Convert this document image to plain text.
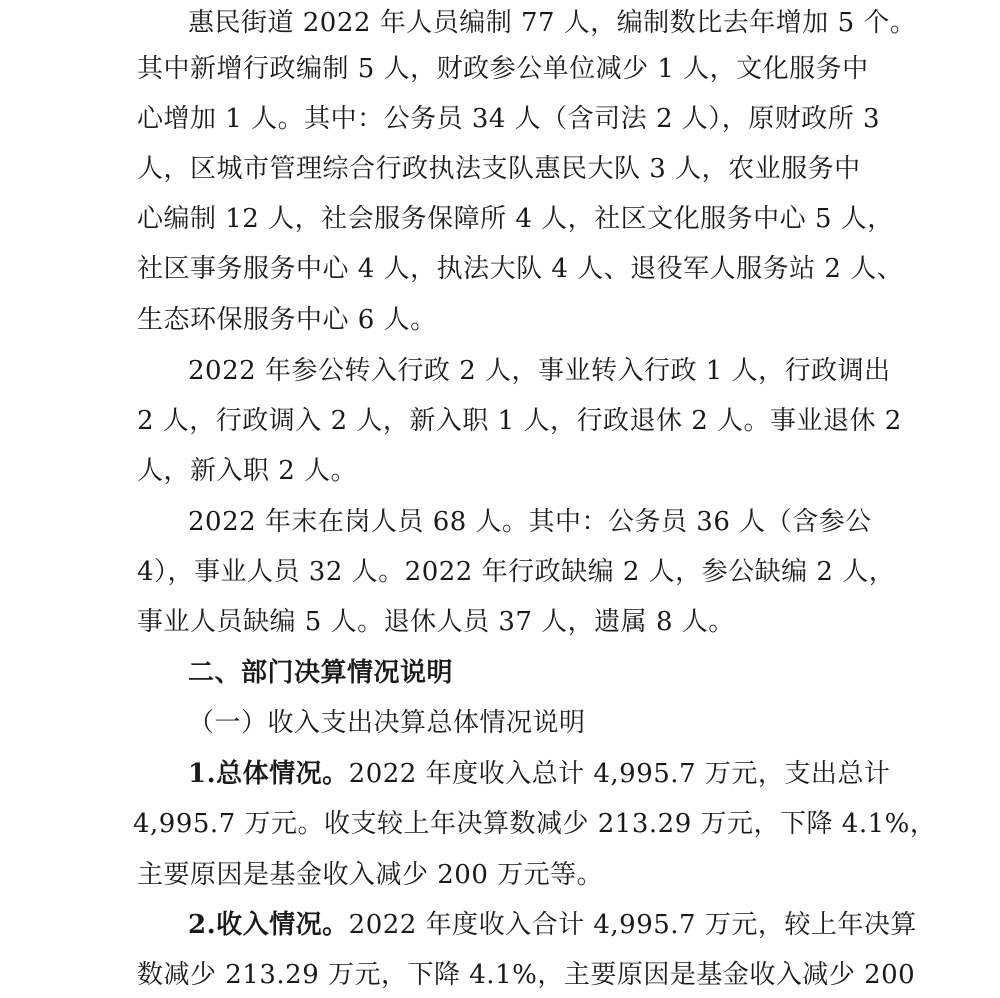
惠民街道 2022 年人员编制 77 人，编制数比去年增加 5 个。
其中新增行政编制 5 人，财政参公单位减少 1 人，文化服务中
心增加 1 人。其中：公务员 34 人（含司法 2 人），原财政所 3
人，区城市管理综合行政执法支队惠民大队 3 人，农业服务中
心编制 12 人，社会服务保障所 4 人，社区文化服务中心 5 人，
社区事务服务中心 4 人，执法大队 4 人、退役军人服务站 2 人、
生态环保服务中心 6 人。
2022 年参公转入行政 2 人，事业转入行政 1 人，行政调出
2 人，行政调入 2 人，新入职 1 人，行政退休 2 人。事业退休 2
人，新入职 2 人。
2022 年末在岗人员 68 人。其中：公务员 36 人（含参公
4），事业人员 32 人。2022 年行政缺编 2 人，参公缺编 2 人，
事业人员缺编 5 人。退休人员 37 人，遗属 8 人。
二、部门决算情况说明
（一）收入支出决算总体情况说明
1.总体情况。2022 年度收入总计 4,995.7 万元，支出总计
4,995.7 万元。收支较上年决算数减少 213.29 万元，下降 4.1%，
主要原因是基金收入减少 200 万元等。
2.收入情况。2022 年度收入合计 4,995.7 万元，较上年决算
数减少 213.29 万元，下降 4.1%，主要原因是基金收入减少 200
